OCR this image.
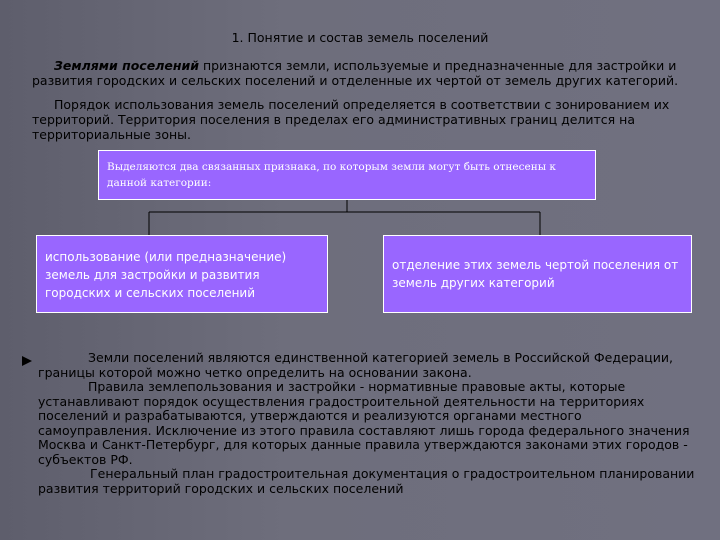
1. Понятие и состав земель поселений
Землями поселений признаются земли, используемые и предназначенные для застройки и развития городских и сельских поселений и отделенные их чертой от земель других категорий.
Порядок использования земель поселений определяется в соответствии с зонированием их территорий. Территория поселения в пределах его административных границ делится на территориальные зоны.
Выделяются два связанных признака, по которым земли могут быть отнесены к данной категории:
использование (или предназначение) земель для застройки и развития городских и сельских поселений
отделение этих земель чертой поселения от земель других категорий

Земли поселений являются единственной категорией земель в Российской Федерации, границы которой можно четко определить на основании закона.

Правила землепользования и застройки - нормативные правовые акты, которые устанавливают порядок осуществления градостроительной деятельности на территориях поселений и разрабатываются, утверждаются и реализуются органами местного самоуправления. Исключение из этого правила составляют лишь города федерального значения Москва и Санкт-Петербург, для которых данные правила утверждаются законами этих городов - субъектов РФ.

Генеральный план градостроительная документация о градостроительном планировании развития территорий городских и сельских поселений
